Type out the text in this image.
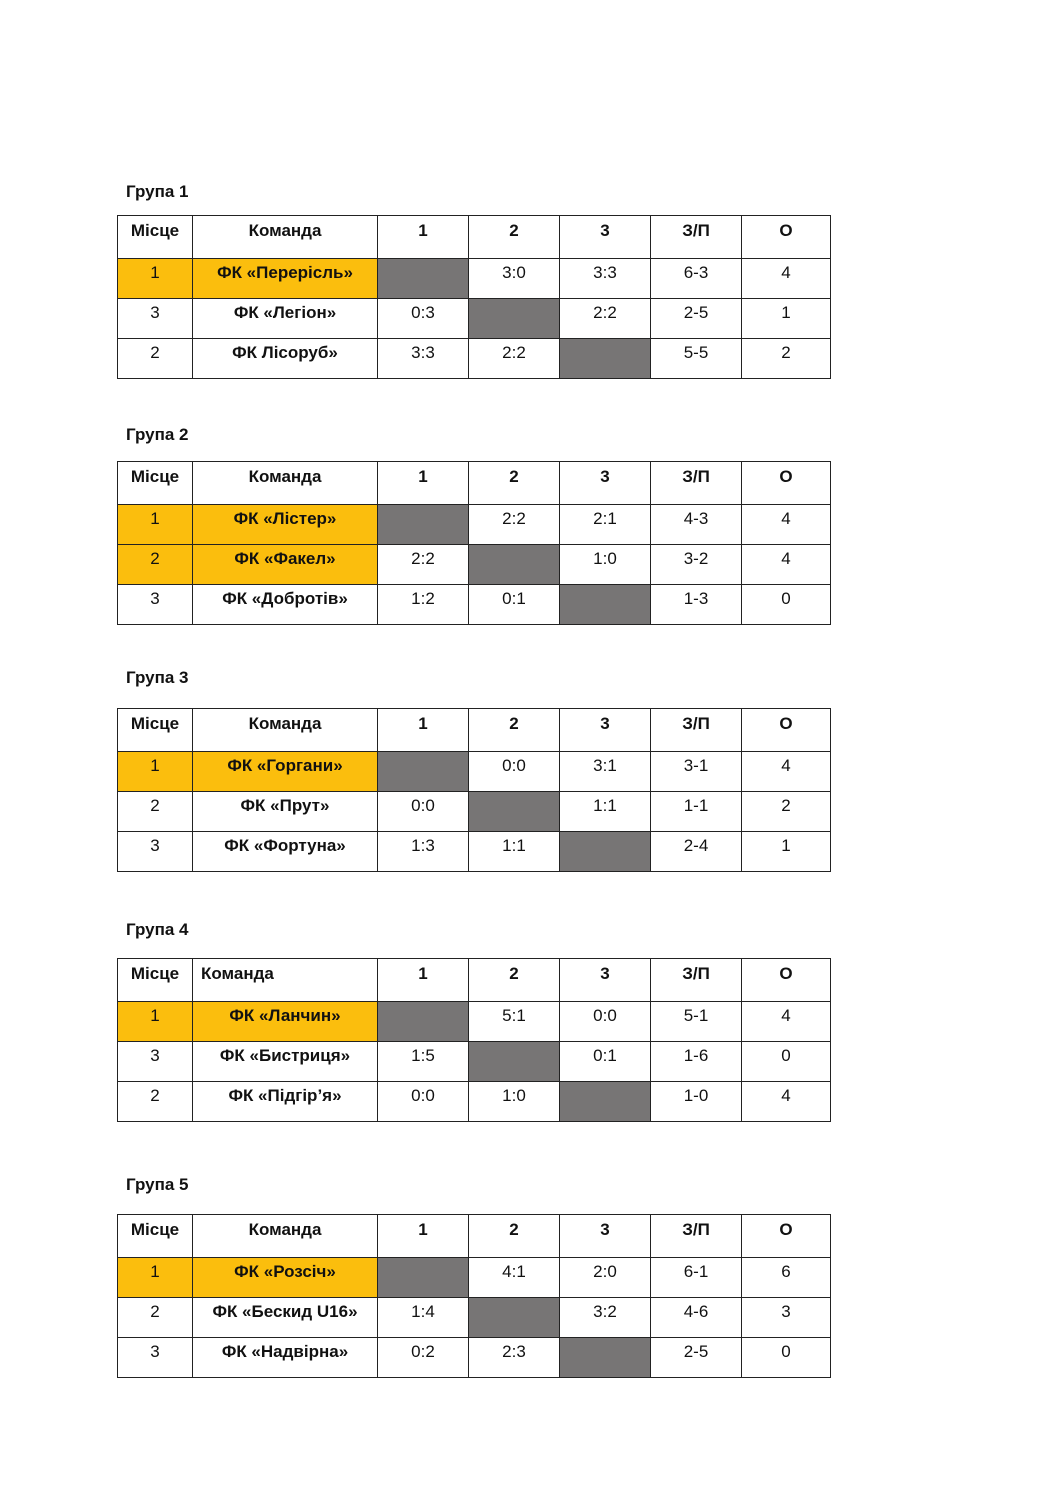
Група 1
Місце	Команда	1	2	3	З/П	О
1	ФК «Перерісль»		3:0	3:3	6-3	4
3	ФК «Легіон»	0:3		2:2	2-5	1
2	ФК Лісоруб»	3:3	2:2		5-5	2
Група 2
Місце	Команда	1	2	3	З/П	О
1	ФК «Лістер»		2:2	2:1	4-3	4
2	ФК «Факел»	2:2		1:0	3-2	4
3	ФК «Добротів»	1:2	0:1		1-3	0
Група 3
Місце	Команда	1	2	3	З/П	О
1	ФК «Горгани»		0:0	3:1	3-1	4
2	ФК «Прут»	0:0		1:1	1-1	2
3	ФК «Фортуна»	1:3	1:1		2-4	1
Група 4
Місце	Команда	1	2	3	З/П	О
1	ФК «Ланчин»		5:1	0:0	5-1	4
3	ФК «Бистриця»	1:5		0:1	1-6	0
2	ФК «Підгір’я»	0:0	1:0		1-0	4
Група 5
Місце	Команда	1	2	3	З/П	О
1	ФК «Розсіч»		4:1	2:0	6-1	6
2	ФК «Бескид U16»	1:4		3:2	4-6	3
3	ФК «Надвірна»	0:2	2:3		2-5	0
